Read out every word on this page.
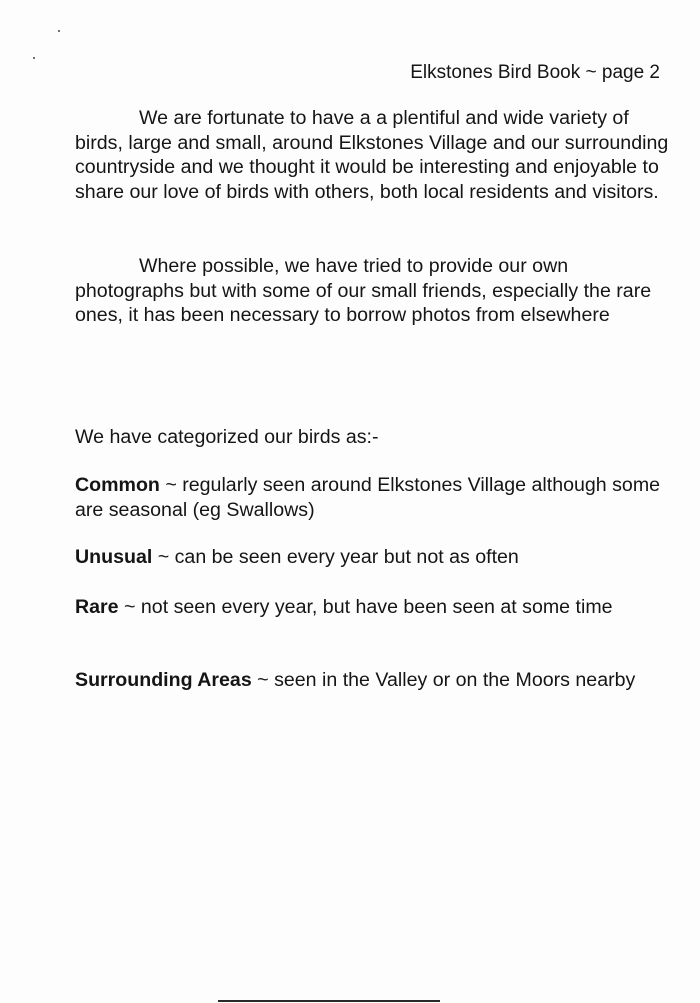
Elkstones Bird Book ~ page 2

We are fortunate to have a a plentiful and wide variety of birds, large and small, around Elkstones Village and our surrounding countryside and we thought it would be interesting and enjoyable to share our love of birds with others, both local residents and visitors.

Where possible, we have tried to provide our own photographs but with some of our small friends, especially the rare ones, it has been necessary to borrow photos from elsewhere

We have categorized our birds as:-

Common ~ regularly seen around Elkstones Village although some are seasonal (eg Swallows)

Unusual ~ can be seen every year but not as often

Rare ~ not seen every year, but have been seen at some time

Surrounding Areas ~ seen in the Valley or on the Moors nearby
